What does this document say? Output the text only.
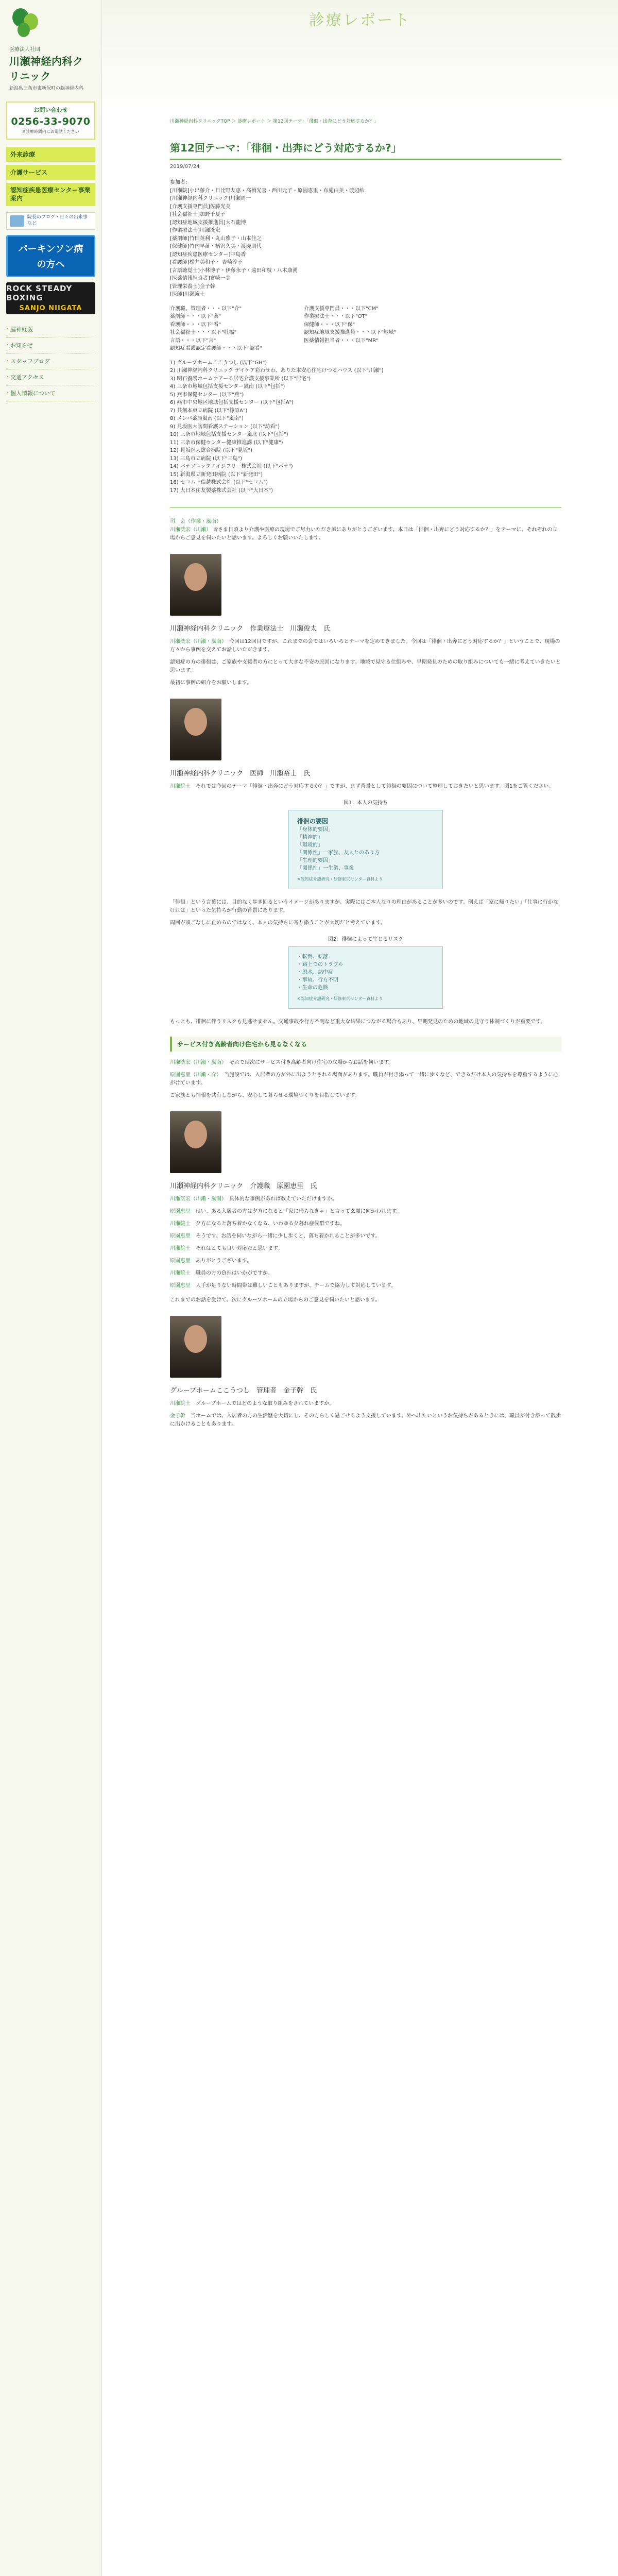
医療法人社団
川瀬神経内科クリニック
新潟県三条市東新保町の脳神経内科
お問い合わせ
0256-33-9070
※診療時間内にお電話ください
外来診療
介護サービス
認知症疾患医療センター事業案内
院長のブログ・日々の出来事など
パーキンソン病
の方へ
ROCK STEADY BOXING
SANJO NIIGATA
› 脳神経医
› お知らせ
› スタッフブログ
› 交通アクセス
› 個人情報について
診療レポート
川瀬神経内科クリニックTOP ＞ 診療レポート ＞ 第12回テーマ：「徘徊・出奔にどう対応するか？」
第12回テーマ：「徘徊・出奔にどう対応するか?」
2019/07/24
参加者:
[川瀬院]小出藤介・日比野友恵・高橋光喜・西川元子・原園恵里・布施由美・渡辺紗
[川瀬神経内科クリニック]川瀬周一
[介護支援専門員]佐藤光美
[社会福祉士]加野千夏子
[認知症地域支援推進員]大石龍博
[作業療法士]川瀬洸宏
[薬剤師]竹田英利・丸山雅子・山本佳之
[保健師]竹内早苗・柄沢久美・渡邊朋代
[認知症疾患医療センター]中島香
[看護師]松井美和子・ 吉崎淳子
[言語聴覚士]小林博子・伊藤永子・遠田和枝・八木康湧
[医薬情報担当者]宮崎一美
[管理栄養士]金子幹
[医師]川瀬裕士
介護職、管理者・・・以下"介"
薬剤師・・・以下"薬"
看護師・・・以下"看"
社会福祉士・・・以下"社福"
言語・・・以下"言"
認知症看護認定看護師・・・以下"認看"
介護支援専門員・・・以下"CM"
作業療法士・・・以下"OT"
保健師・・・以下"保"
認知症地域支援推進員・・・以下"地域"
医薬情報担当者・・・以下"MR"
1) グループホームここうつし (以下"GH")
2) 川瀬神経内科クリニック デイケア彩わせわ、ありた本安心住宅けつるハウス (以下"川瀬")
3) 明石養護ホームケアーる居宅介護支援事業所 (以下"居宅")
4) 三条市地域包括支援センター嵐南 (以下"包括")
5) 燕市保健センター (以下"燕")
6) 燕市中央地区地域包括支援センター (以下"包括A")
7) 共創本東立病院 (以下"篠原A")
8) メンバ薬局嵐南 (以下"嵐南")
9) 見坂医大訪問看護ステーション (以下"訪看")
10) 三条市地域包括支援センター嵐北 (以下"包括")
11) 三条市保健センター健康推進課 (以下"健康")
12) 見坂医大総合病院 (以下"見坂")
13) 三島市立病院 (以下"三島")
14) パナソニックエイジフリー株式会社 (以下"パナ")
15) 新潟県立新発田病院 (以下"新発田")
16) セコム上信越株式会社 (以下"セコム")
17) 大日本住友製薬株式会社 (以下"大日本")
司　会（作業・嵐南）
川瀬洸宏（川瀬） 皆さま日頃より介護や医療の現場でご尽力いただき誠にありがとうございます。本日は「徘徊・出奔にどう対応するか？」をテーマに、それぞれの立場からご意見を伺いたいと思います。よろしくお願いいたします。
川瀬神経内科クリニック　作業療法士　川瀬俊太　氏
川瀬洸宏（川瀬・嵐南）　今回は12回目ですが、これまでの会ではいろいろとテーマを定めてきました。今回は「徘徊・出奔にどう対応するか？」ということで、現場の方々から事例を交えてお話しいただきます。
認知症の方の徘徊は、ご家族や支援者の方にとって大きな不安の原因になります。地域で見守る仕組みや、早期発見のための取り組みについても一緒に考えていきたいと思います。
最初に事例の紹介をお願いします。
川瀬神経内科クリニック　医師　川瀬裕士　氏
川瀬院士　それでは今回のテーマ「徘徊・出奔にどう対応するか？」ですが、まず背景として徘徊の要因について整理しておきたいと思います。図1をご覧ください。
図1：本人の気持ち
徘徊の要因
「身体的要因」
「精神的」
「環境的」
「関係性」一家族、友人とのあり方
「生理的要因」
「関係性」一生業、事業
※認知症介護研究・研修東京センター資料より
「徘徊」という言葉には、目的なく歩き回るというイメージがありますが、実際にはご本人なりの理由があることが多いのです。例えば「家に帰りたい」「仕事に行かなければ」といった気持ちが行動の背景にあります。
周囲が頭ごなしに止めるのではなく、本人の気持ちに寄り添うことが大切だと考えています。
図2：徘徊によって生じるリスク
・転倒、転落
・路上でのトラブル
・脱水、熱中症
・事故、行方不明
・生命の危険
※認知症介護研究・研修東京センター資料より
もっとも、徘徊に伴うリスクも見逃せません。交通事故や行方不明など重大な結果につながる場合もあり、早期発見のための地域の見守り体制づくりが重要です。
サービス付き高齢者向け住宅から見るなくなる
川瀬洸宏（川瀬・嵐南）　それでは次にサービス付き高齢者向け住宅の立場からお話を伺います。
原園恵里（川瀬・介）　当施設では、入居者の方が外に出ようとされる場面があります。職員が付き添って一緒に歩くなど、できるだけ本人の気持ちを尊重するように心がけています。
ご家族とも情報を共有しながら、安心して暮らせる環境づくりを目指しています。
川瀬神経内科クリニック　介護職　原園恵里　氏
川瀬洸宏（川瀬・嵐南）　具体的な事例があれば教えていただけますか。
原園恵里　はい、ある入居者の方は夕方になると「家に帰らなきゃ」と言って玄関に向かわれます。
川瀬院士　夕方になると落ち着かなくなる、いわゆる夕暮れ症候群ですね。
原園恵里　そうです。お話を伺いながら一緒に少し歩くと、落ち着かれることが多いです。
川瀬院士　それはとても良い対応だと思います。
原園恵里　ありがとうございます。
川瀬院士　職員の方の負担はいかがですか。
原園恵里　人手が足りない時間帯は難しいこともありますが、チームで協力して対応しています。
これまでのお話を受けて、次にグループホームの立場からのご意見を伺いたいと思います。
グループホームここうつし　管理者　金子幹　氏
川瀬院士　グループホームではどのような取り組みをされていますか。
金子幹　当ホームでは、入居者の方の生活歴を大切にし、その方らしく過ごせるよう支援しています。外へ出たいというお気持ちがあるときには、職員が付き添って散歩に出かけることもあります。
